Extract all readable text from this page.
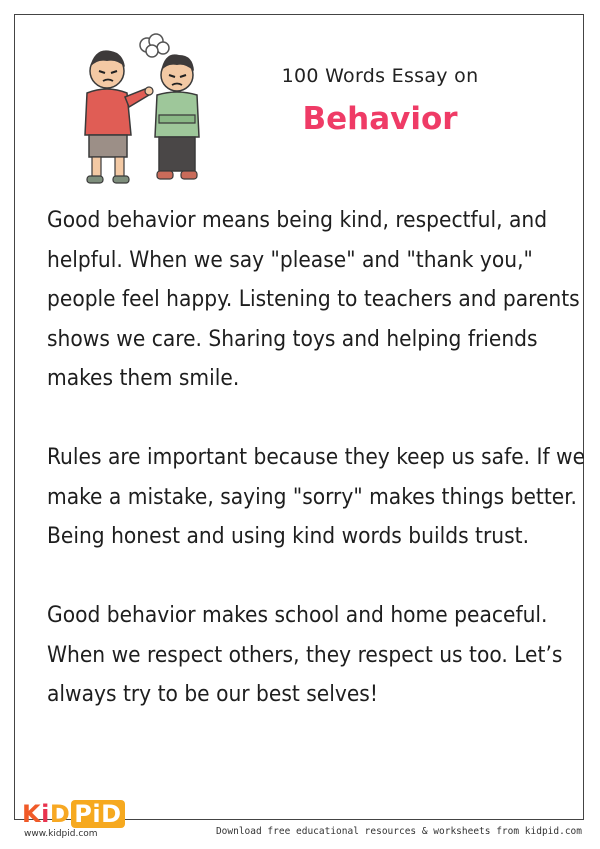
100 Words Essay on
Behavior

Good behavior means being kind, respectful, and helpful. When we say "please" and "thank you," people feel happy. Listening to teachers and parents shows we care. Sharing toys and helping friends makes them smile.

Rules are important because they keep us safe. If we make a mistake, saying "sorry" makes things better. Being honest and using kind words builds trust.

Good behavior makes school and home peaceful. When we respect others, they respect us too. Let’s always try to be our best selves!

KiD PiD
www.kidpid.com	Download free educational resources & worksheets from kidpid.com
